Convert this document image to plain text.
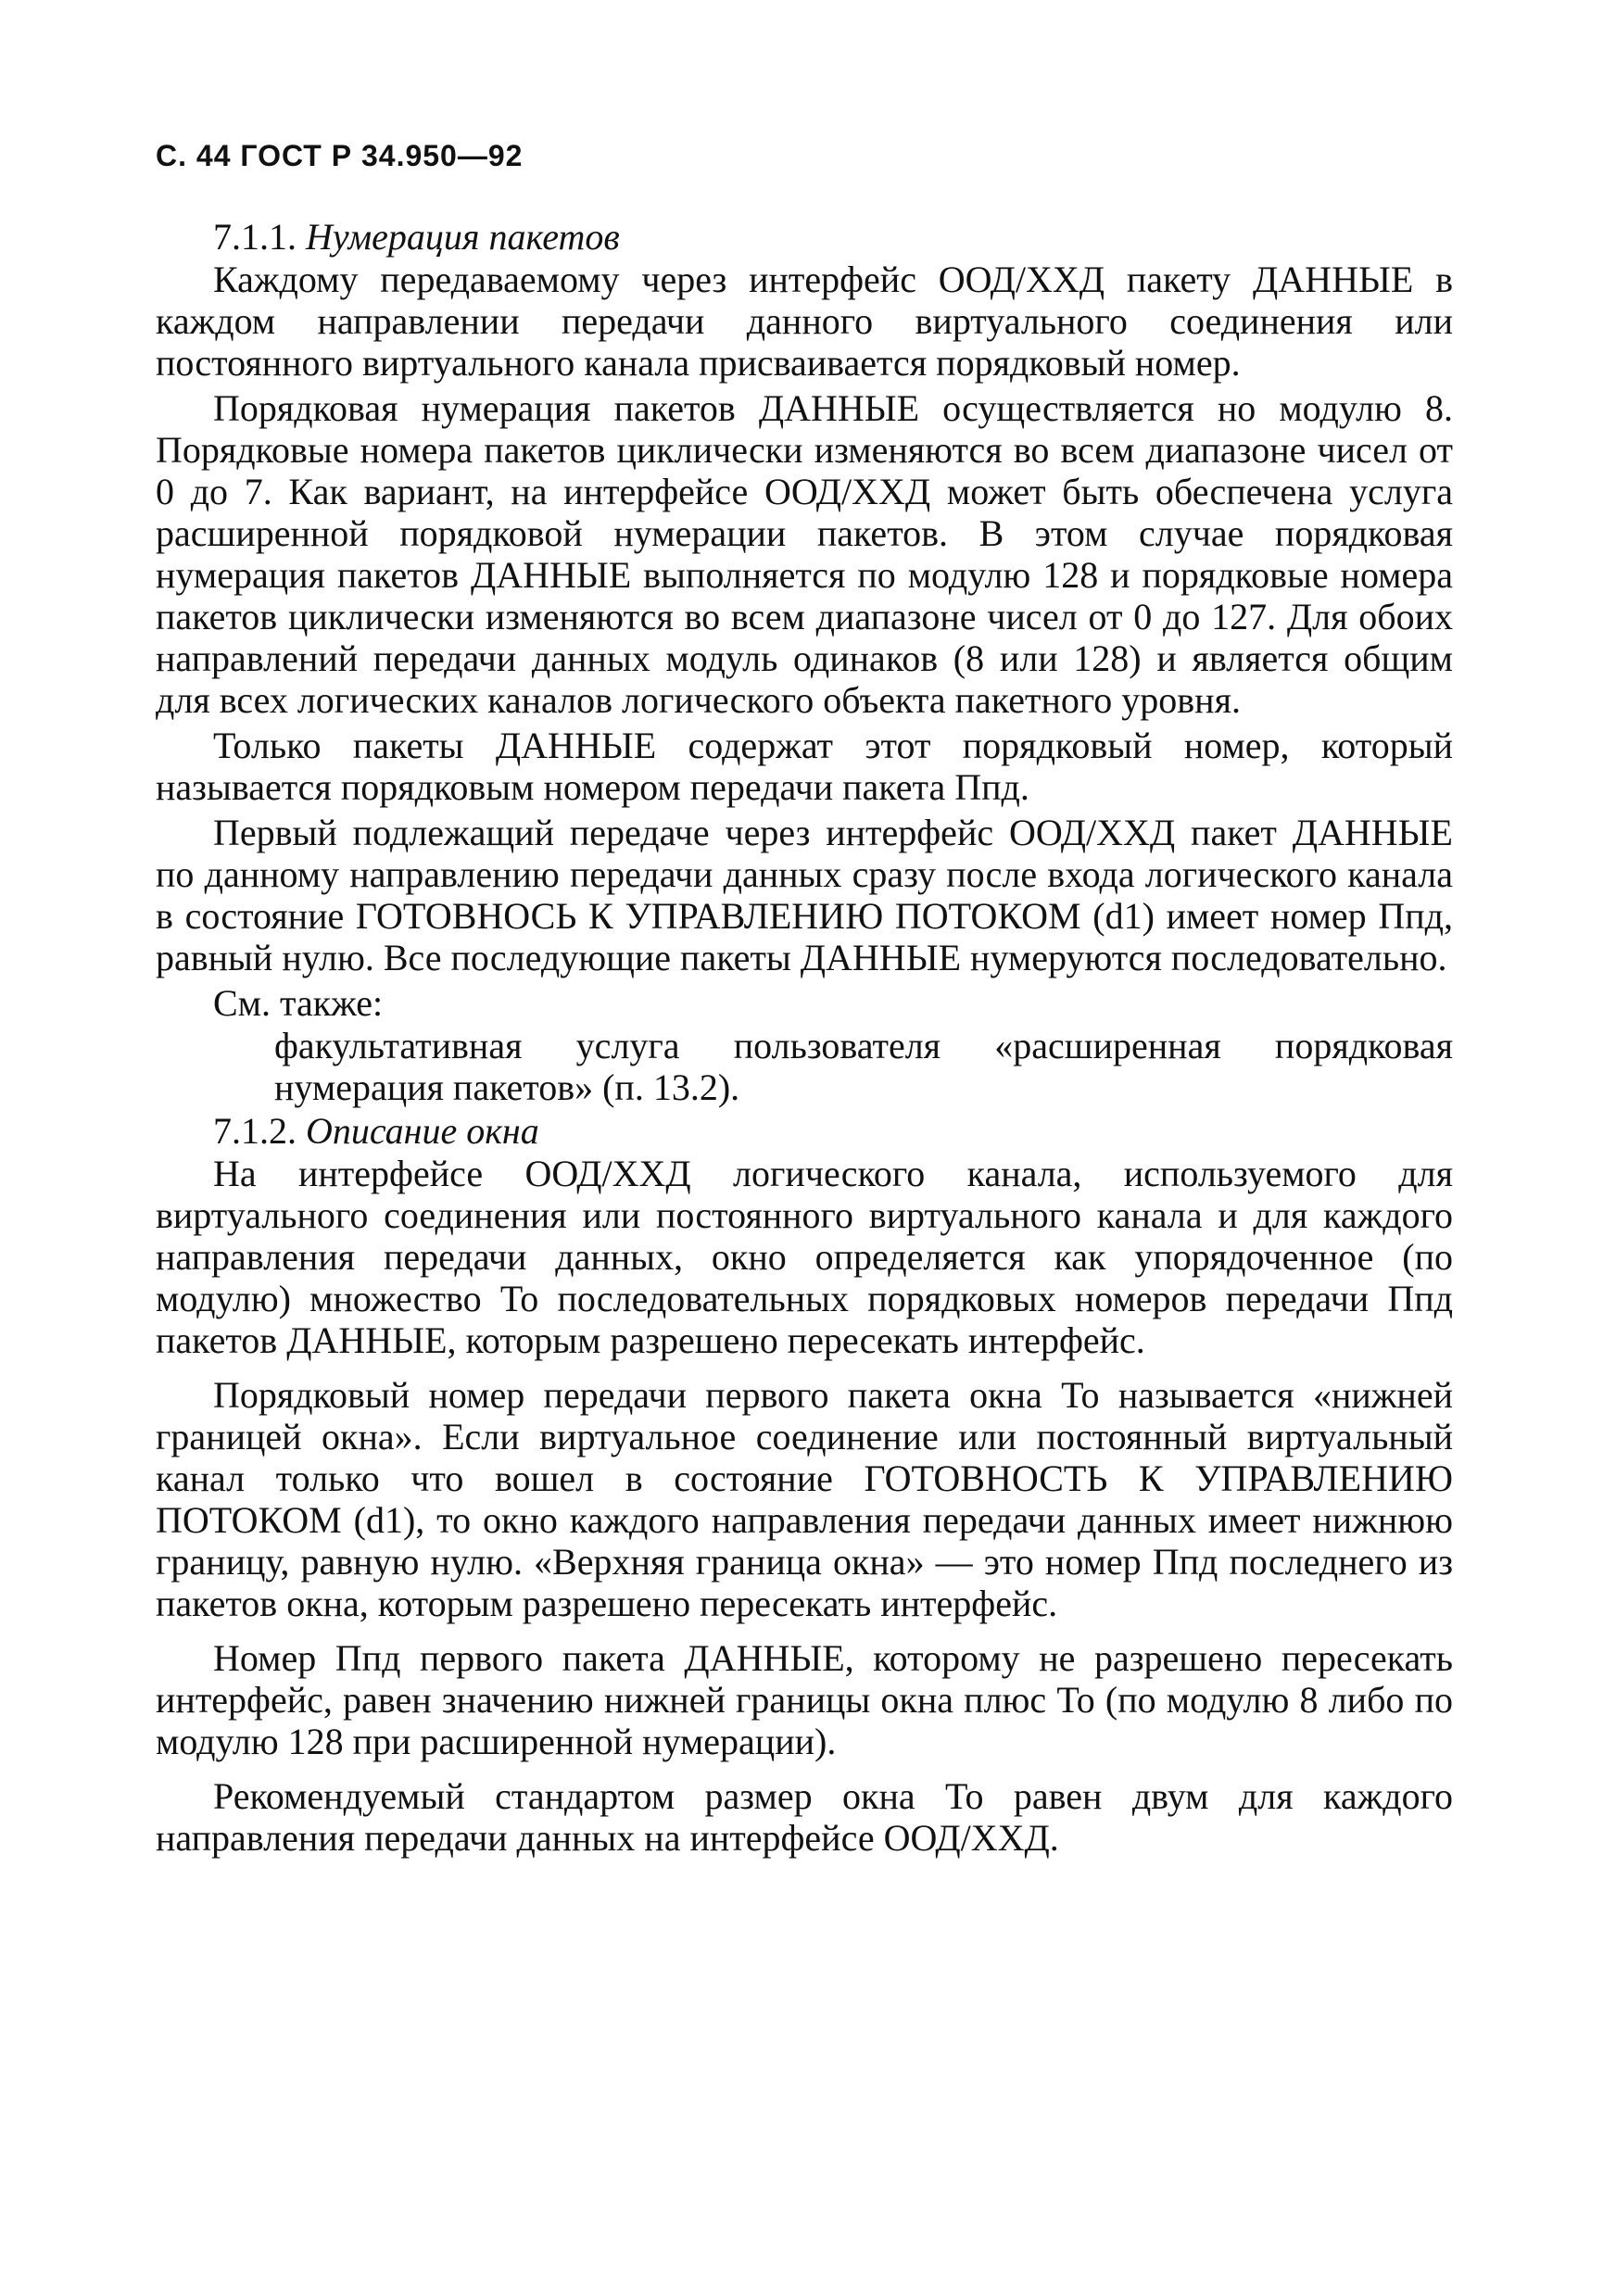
С. 44 ГОСТ Р 34.950—92
7.1.1. Нумерация пакетов

Каждому передаваемому через интерфейс ООД/ХХД пакету ДАННЫЕ в каждом направлении передачи данного виртуального соединения или постоянного виртуального канала присваивается порядковый номер.

Порядковая нумерация пакетов ДАННЫЕ осуществляется но модулю 8. Порядковые номера пакетов циклически изменяются во всем диапазоне чисел от 0 до 7. Как вариант, на интерфейсе ООД/ХХД может быть обеспечена услуга расширенной порядковой нумерации пакетов. В этом случае порядковая нумерация пакетов ДАННЫЕ выполняется по модулю 128 и порядковые номера пакетов циклически изменяются во всем диапазоне чисел от 0 до 127. Для обоих направлений передачи данных модуль одинаков (8 или 128) и является общим для всех логических каналов логического объекта пакетного уровня.

Только пакеты ДАННЫЕ содержат этот порядковый номер, который называется порядковым номером передачи пакета Ппд.

Первый подлежащий передаче через интерфейс ООД/ХХД пакет ДАННЫЕ по данному направлению передачи данных сразу после входа логического канала в состояние ГОТОВНОСЬ К УПРАВЛЕНИЮ ПОТОКОМ (d1) имеет номер Ппд, равный нулю. Все последующие пакеты ДАННЫЕ нумеруются последовательно.

См. также:

факультативная услуга пользователя «расширенная порядковая нумерация пакетов» (п. 13.2).

7.1.2. Описание окна

На интерфейсе ООД/ХХД логического канала, используемого для виртуального соединения или постоянного виртуального канала и для каждого направления передачи данных, окно определяется как упорядоченное (по модулю) множество То последовательных порядковых номеров передачи Ппд пакетов ДАННЫЕ, которым разрешено пересекать интерфейс.

Порядковый номер передачи первого пакета окна То называется «нижней границей окна». Если виртуальное соединение или постоянный виртуальный канал только что вошел в состояние ГОТОВНОСТЬ К УПРАВЛЕНИЮ ПОТОКОМ (d1), то окно каждого направления передачи данных имеет нижнюю границу, равную нулю. «Верхняя граница окна» — это номер Ппд последнего из пакетов окна, которым разрешено пересекать интерфейс.

Номер Ппд первого пакета ДАННЫЕ, которому не разрешено пересекать интерфейс, равен значению нижней границы окна плюс То (по модулю 8 либо по модулю 128 при расширенной нумерации).

Рекомендуемый стандартом размер окна То равен двум для каждого направления передачи данных на интерфейсе ООД/ХХД.
